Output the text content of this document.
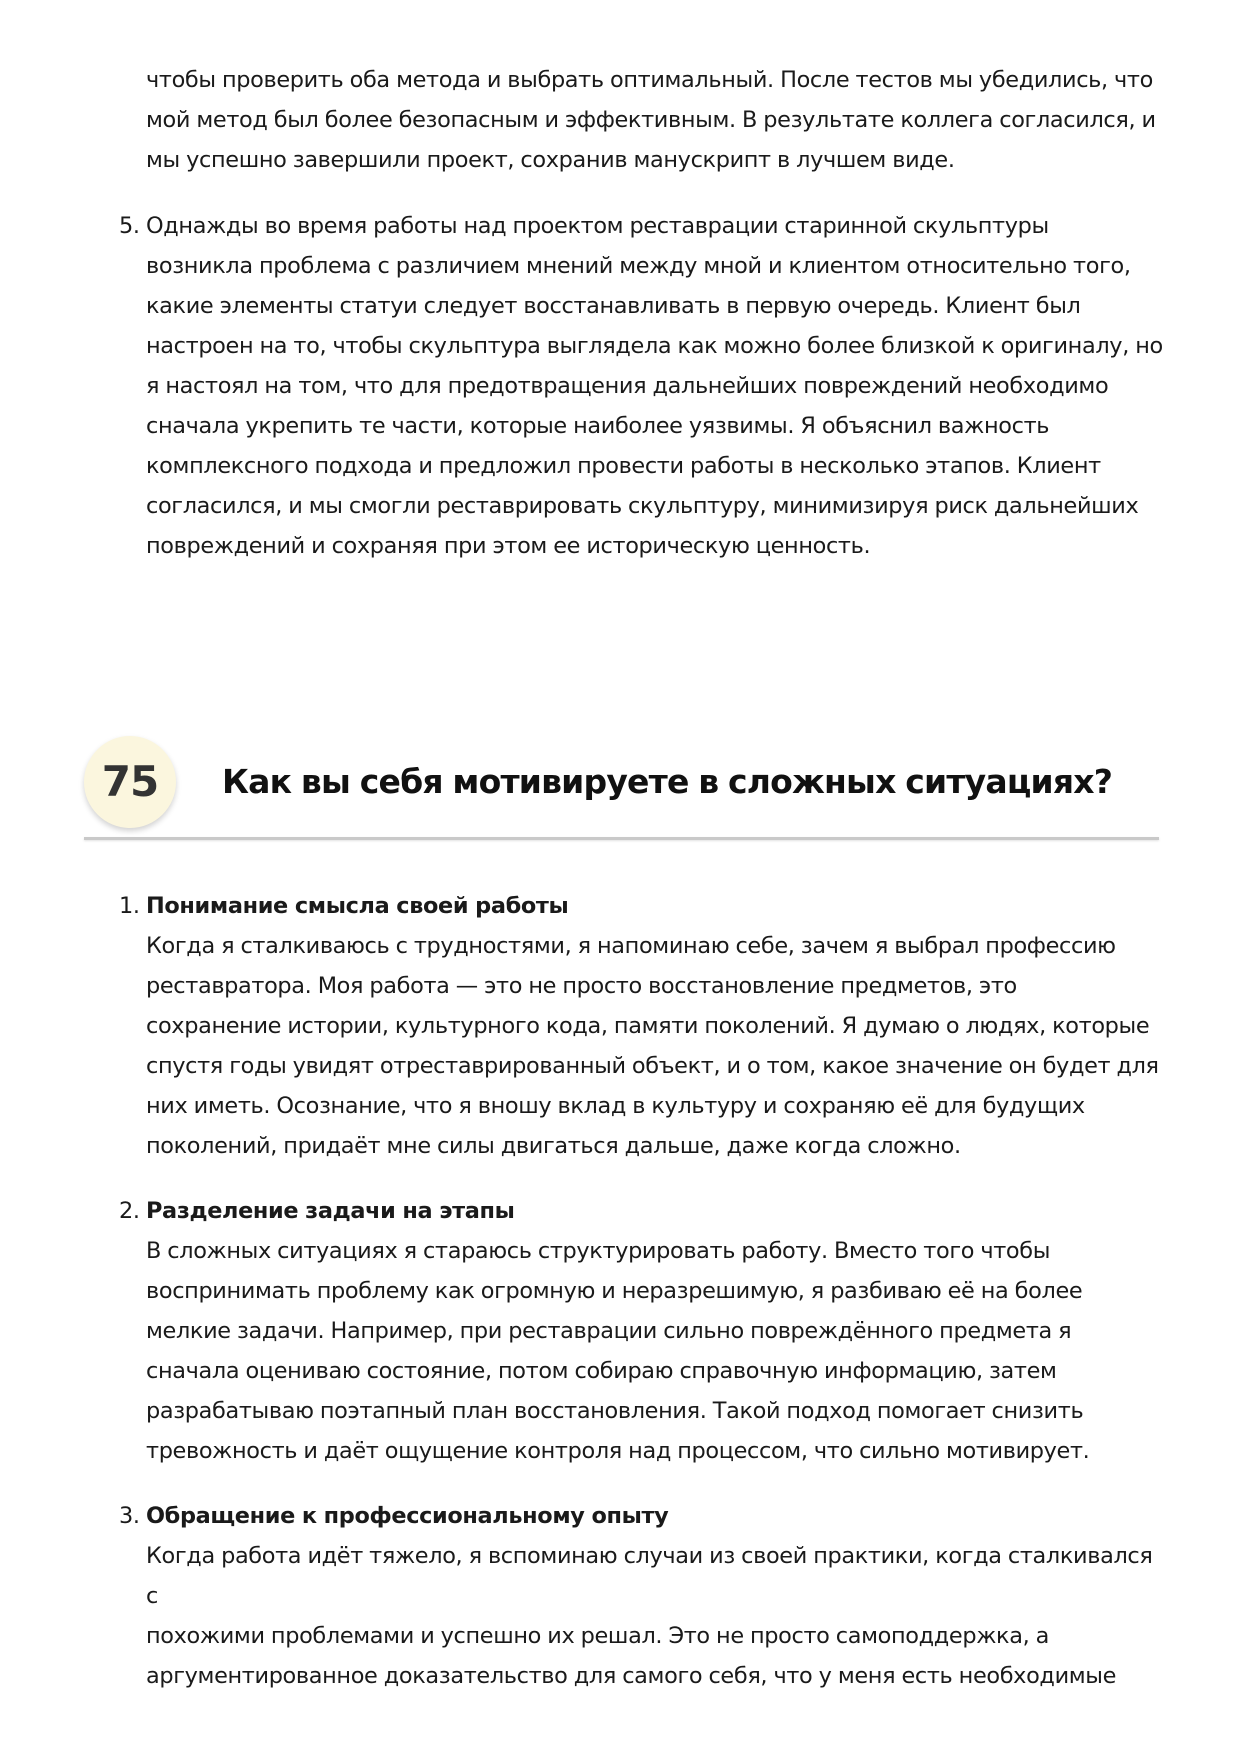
чтобы проверить оба метода и выбрать оптимальный. После тестов мы убедились, что

мой метод был более безопасным и эффективным. В результате коллега согласился, и

мы успешно завершили проект, сохранив манускрипт в лучшем виде.

5. Однажды во время работы над проектом реставрации старинной скульптуры

возникла проблема с различием мнений между мной и клиентом относительно того,

какие элементы статуи следует восстанавливать в первую очередь. Клиент был

настроен на то, чтобы скульптура выглядела как можно более близкой к оригиналу, но

я настоял на том, что для предотвращения дальнейших повреждений необходимо

сначала укрепить те части, которые наиболее уязвимы. Я объяснил важность

комплексного подхода и предложил провести работы в несколько этапов. Клиент

согласился, и мы смогли реставрировать скульптуру, минимизируя риск дальнейших

повреждений и сохраняя при этом ее историческую ценность.

75	Как вы себя мотивируете в сложных ситуациях?
1. Понимание смысла своей работы

Когда я сталкиваюсь с трудностями, я напоминаю себе, зачем я выбрал профессию

реставратора. Моя работа — это не просто восстановление предметов, это

сохранение истории, культурного кода, памяти поколений. Я думаю о людях, которые

спустя годы увидят отреставрированный объект, и о том, какое значение он будет для

них иметь. Осознание, что я вношу вклад в культуру и сохраняю её для будущих

поколений, придаёт мне силы двигаться дальше, даже когда сложно.

2. Разделение задачи на этапы

В сложных ситуациях я стараюсь структурировать работу. Вместо того чтобы

воспринимать проблему как огромную и неразрешимую, я разбиваю её на более

мелкие задачи. Например, при реставрации сильно повреждённого предмета я

сначала оцениваю состояние, потом собираю справочную информацию, затем

разрабатываю поэтапный план восстановления. Такой подход помогает снизить

тревожность и даёт ощущение контроля над процессом, что сильно мотивирует.

3. Обращение к профессиональному опыту

Когда работа идёт тяжело, я вспоминаю случаи из своей практики, когда сталкивался с

похожими проблемами и успешно их решал. Это не просто самоподдержка, а

аргументированное доказательство для самого себя, что у меня есть необходимые
